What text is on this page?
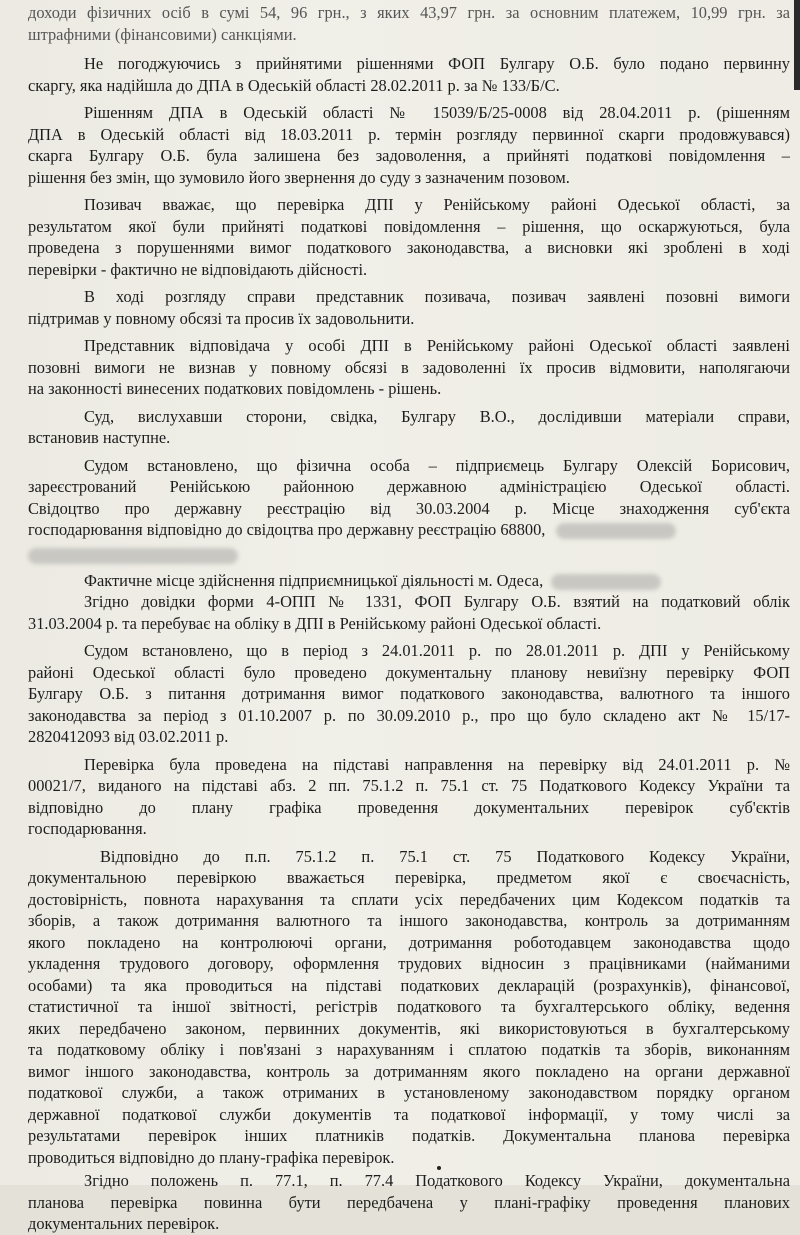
доходи фізичних осіб в сумі 54, 96 грн., з яких 43,97 грн. за основним платежем, 10,99 грн. за
штрафними (фінансовими) санкціями.
Не погоджуючись з прийнятими рішеннями ФОП Булгару О.Б. було подано первинну
скаргу, яка надійшла до ДПА в Одеській області 28.02.2011 р. за № 133/Б/С.
Рішенням ДПА в Одеській області № 15039/Б/25-0008 від 28.04.2011 р. (рішенням
ДПА в Одеській області від 18.03.2011 р. термін розгляду первинної скарги продовжувався)
скарга Булгару О.Б. була залишена без задоволення, а прийняті податкові повідомлення –
рішення без змін, що зумовило його звернення до суду з зазначеним позовом.
Позивач вважає, що перевірка ДПІ у Ренійському районі Одеської області, за
результатом якої були прийняті податкові повідомлення – рішення, що оскаржуються, була
проведена з порушеннями вимог податкового законодавства, а висновки які зроблені в ході
перевірки - фактично не відповідають дійсності.
В ході розгляду справи представник позивача, позивач заявлені позовні вимоги
підтримав у повному обсязі та просив їх задовольнити.
Представник відповідача у особі ДПІ в Ренійському районі Одеської області заявлені
позовні вимоги не визнав у повному обсязі в задоволенні їх просив відмовити, наполягаючи
на законності винесених податкових повідомлень - рішень.
Суд, вислухавши сторони, свідка, Булгару В.О., дослідивши матеріали справи,
встановив наступне.
Судом встановлено, що фізична особа – підприємець Булгару Олексій Борисович,
зареєстрований Ренійською районною державною адміністрацією Одеської області.
Свідоцтво про державну реєстрацію від 30.03.2004 р. Місце знаходження суб'єкта
господарювання відповідно до свідоцтва про державну реєстрацію 68800,
Фактичне місце здійснення підприємницької діяльності м. Одеса,
Згідно довідки форми 4-ОПП № 1331, ФОП Булгару О.Б. взятий на податковий облік
31.03.2004 р. та перебуває на обліку в ДПІ в Ренійському районі Одеської області.
Судом встановлено, що в період з 24.01.2011 р. по 28.01.2011 р. ДПІ у Ренійському
районі Одеської області було проведено документальну планову невиїзну перевірку ФОП
Булгару О.Б. з питання дотримання вимог податкового законодавства, валютного та іншого
законодавства за період з 01.10.2007 р. по 30.09.2010 р., про що було складено акт № 15/17-
2820412093 від 03.02.2011 р.
Перевірка була проведена на підставі направлення на перевірку від 24.01.2011 р. №
00021/7, виданого на підставі абз. 2 пп. 75.1.2 п. 75.1 ст. 75 Податкового Кодексу України та
відповідно до плану графіка проведення документальних перевірок суб'єктів
господарювання.
Відповідно до п.п. 75.1.2 п. 75.1 ст. 75 Податкового Кодексу України,
документальною перевіркою вважається перевірка, предметом якої є своєчасність,
достовірність, повнота нарахування та сплати усіх передбачених цим Кодексом податків та
зборів, а також дотримання валютного та іншого законодавства, контроль за дотриманням
якого покладено на контролюючі органи, дотримання роботодавцем законодавства щодо
укладення трудового договору, оформлення трудових відносин з працівниками (найманими
особами) та яка проводиться на підставі податкових декларацій (розрахунків), фінансової,
статистичної та іншої звітності, регістрів податкового та бухгалтерського обліку, ведення
яких передбачено законом, первинних документів, які використовуються в бухгалтерському
та податковому обліку і пов'язані з нарахуванням і сплатою податків та зборів, виконанням
вимог іншого законодавства, контроль за дотриманням якого покладено на органи державної
податкової служби, а також отриманих в установленому законодавством порядку органом
державної податкової служби документів та податкової інформації, у тому числі за
результатами перевірок інших платників податків. Документальна планова перевірка
проводиться відповідно до плану-графіка перевірок.
Згідно положень п. 77.1, п. 77.4 Податкового Кодексу України, документальна
планова перевірка повинна бути передбачена у плані-графіку проведення планових
документальних перевірок.
